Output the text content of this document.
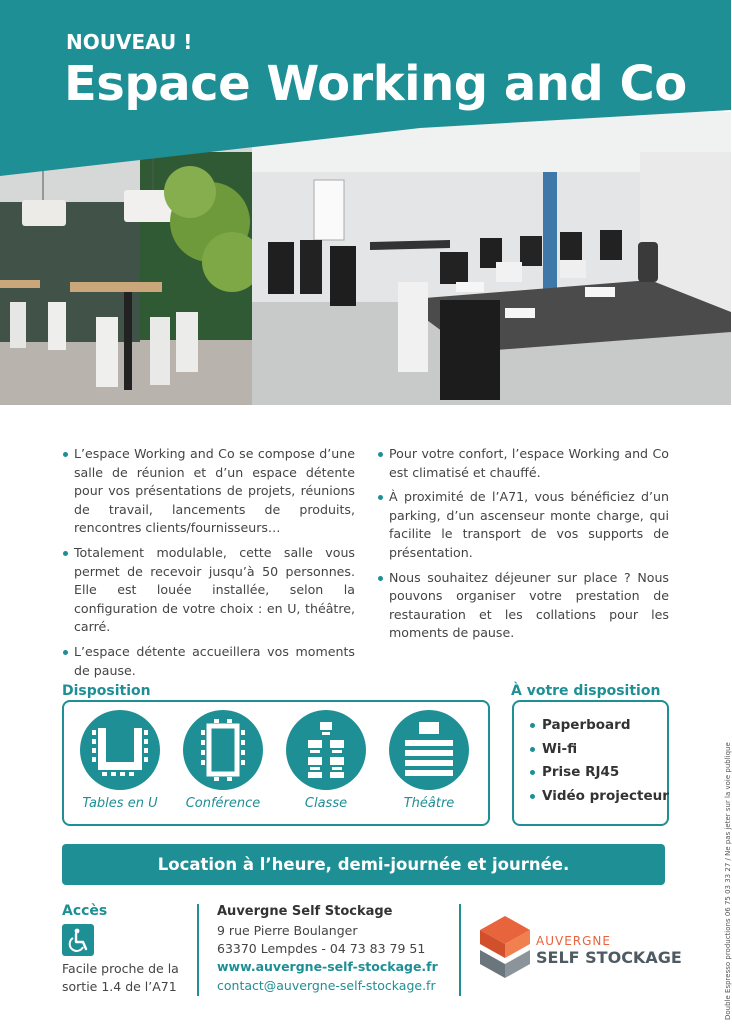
NOUVEAU !
Espace Working and Co
L’espace Working and Co se compose d’une salle de réunion et d’un espace détente pour vos présentations de projets, réunions de travail, lancements de produits, rencontres clients/fournisseurs…
Totalement modulable, cette salle vous permet de recevoir jusqu’à 50 personnes. Elle est louée installée, selon la configuration de votre choix : en U, théâtre, carré.
L’espace détente accueillera vos moments de pause.
Pour votre confort, l’espace Working and Co est climatisé et chauffé.
À proximité de l’A71, vous bénéficiez d’un parking, d’un ascenseur monte charge, qui facilite le transport de vos supports de présentation.
Nous souhaitez déjeuner sur place ? Nous pouvons organiser votre prestation de restauration et les collations pour les moments de pause.
Disposition
Tables en U	Conférence	Classe	Théâtre
À votre disposition
Paperboard
Wi-fi
Prise RJ45
Vidéo projecteur
Location à l’heure, demi-journée et journée.
Accès
Facile proche de la
sortie 1.4 de l’A71
Auvergne Self Stockage
9 rue Pierre Boulanger
63370 Lempdes - 04 73 83 79 51
www.auvergne-self-stockage.fr
contact@auvergne-self-stockage.fr
AUVERGNE
SELF STOCKAGE	Double Espresso productions 06 75 03 33 27 / Ne pas jeter sur la voie publique
